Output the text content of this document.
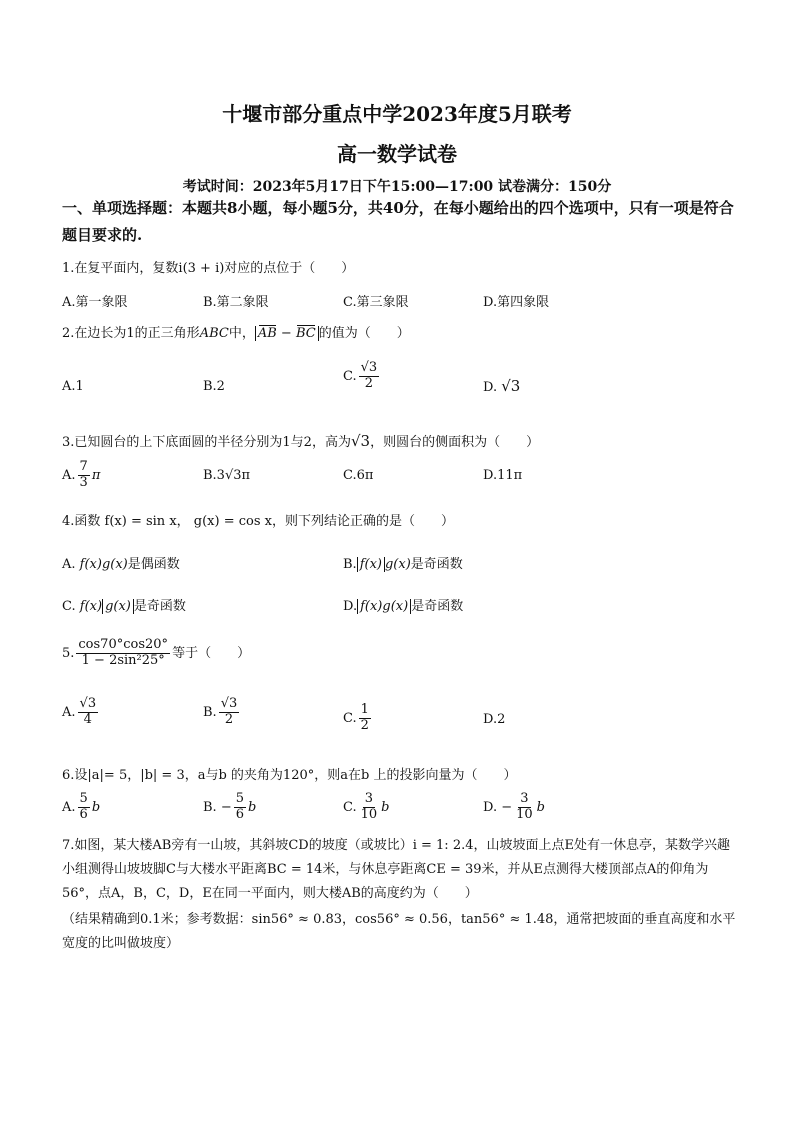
十堰市部分重点中学2023年度5月联考
高一数学试卷
考试时间：2023年5月17日下午15:00—17:00 试卷满分：150分
一、单项选择题：本题共8小题，每小题5分，共40分，在每小题给出的四个选项中，只有一项是符合题目要求的.
1.在复平面内，复数i(3 + i)对应的点位于（　　）
A.第一象限	B.第二象限	C.第三象限	D.第四象限
2.在边长为1的正三角形ABC中， AB − BC 的值为（　　）
A.1	B.2
C. $\frac{√3}{2}$	D. √3
3.已知圆台的上下底面圆的半径分别为1与2，高为√3，则圆台的侧面积为（　　）
A. $\frac{7}{3}$ π	B.3√3π	C.6π	D.11π
4.函数 f(x) = sin x， g(x) = cos x，则下列结论正确的是（　　）
A. f(x)g(x)是偶函数	B. f(x) g(x)是奇函数
C. f(x) g(x) 是奇函数	D. f(x)g(x) 是奇函数
5. $\frac{\cos 70^\circ\cos 20^\circ}{\text{1 − 2sin²25°}}$ 等于（　　）
A. $\frac{√3}{4}$	B. $\frac{√3}{2}$	C. $\frac{1}{2}$	D.2
6.设|a|= 5，|b| = 3，a与b 的夹角为120°，则a在b 上的投影向量为（　　）
A. $\frac{5}{6}$ b	B. − $\frac{5}{6}$ b	C. $\frac{3}{10}$ b	D. − $\frac{3}{10}$ b
7.如图，某大楼AB旁有一山坡，其斜坡CD的坡度（或坡比）i = 1: 2.4，山坡坡面上点E处有一休息亭，某数学兴趣小组测得山坡坡脚C与大楼水平距离BC = 14米，与休息亭距离CE = 39米，并从E点测得大楼顶部点A的仰角为56°，点A，B，C，D，E在同一平面内，则大楼AB的高度约为（　　）
（结果精确到0.1米；参考数据：sin56° ≈ 0.83，cos56° ≈ 0.56，tan56° ≈ 1.48，通常把坡面的垂直高度和水平宽度的比叫做坡度）
